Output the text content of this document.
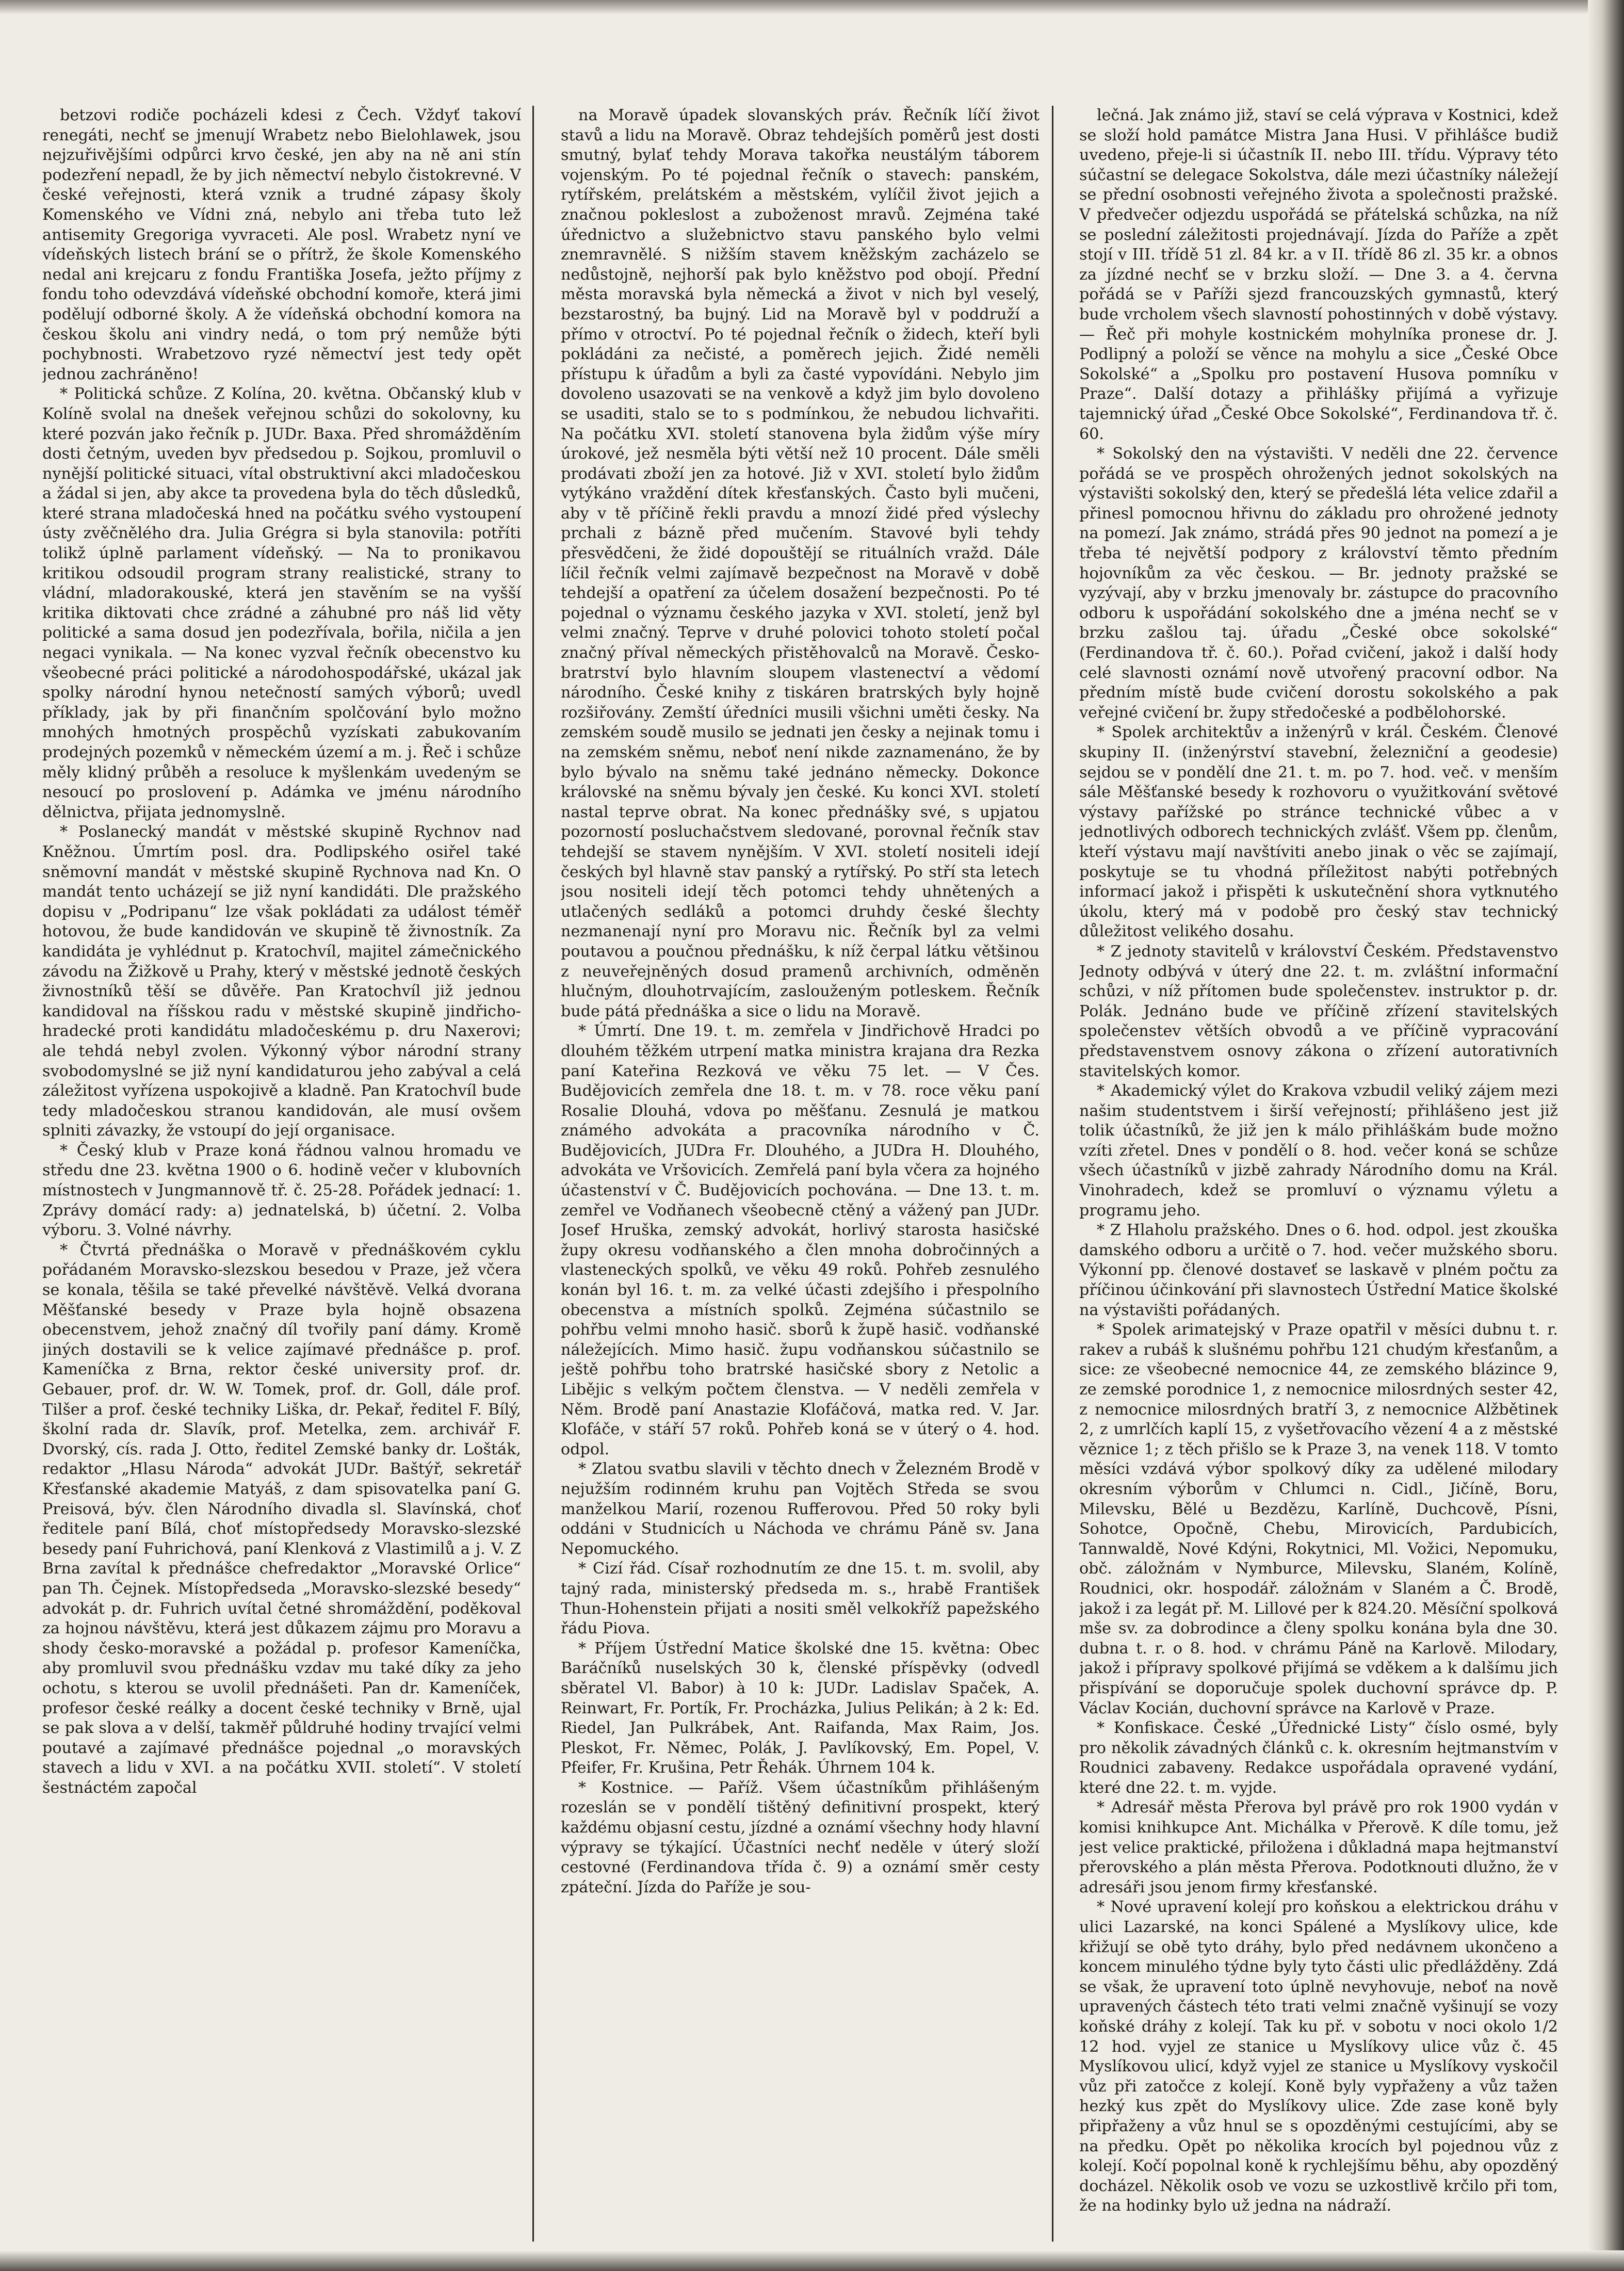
betzovi rodiče pocházeli kdesi z Čech. Vždyť takoví renegáti, nechť se jmenují Wrabetz nebo Bielohlawek, jsou nejzuřivějšími odpůrci krvo české, jen aby na ně ani stín podezření nepadl, že by jich němectví nebylo čistokrevné. V české veřejnosti, která vznik a trudné zápasy školy Komenského ve Vídni zná, nebylo ani třeba tuto lež antisemity Gregoriga vyvraceti. Ale posl. Wrabetz nyní ve vídeňských listech brání se o přítrž, že škole Komenského nedal ani krejcaru z fondu Františka Josefa, ježto příjmy z fondu toho odevzdává vídeňské obchodní komoře, která jimi podělují odborné školy. A že vídeňská obchodní komora na českou školu ani vindry nedá, o tom prý nemůže býti pochybnosti. Wrabetzovo ryzé němectví jest tedy opět jednou zachráněno!

* Politická schůze. Z Kolína, 20. května. Občanský klub v Kolíně svolal na dnešek veřejnou schůzi do sokolovny, ku které pozván jako řečník p. JUDr. Baxa. Před shromážděním dosti četným, uveden byv předsedou p. Sojkou, promluvil o nynější politické situaci, vítal obstruktivní akci mladočeskou a žádal si jen, aby akce ta provedena byla do těch důsledků, které strana mladočeská hned na počátku svého vystoupení ústy zvěčnělého dra. Julia Grégra si byla stanovila: potříti tolikž úplně parlament vídeňský. — Na to pronikavou kritikou odsoudil program strany realistické, strany to vládní, mladorakouské, která jen stavěním se na vyšší kritika diktovati chce zrádné a záhubné pro náš lid věty politické a sama dosud jen podezřívala, bořila, ničila a jen negaci vynikala. — Na konec vyzval řečník obecenstvo ku všeobecné práci politické a národohospodářské, ukázal jak spolky národní hynou netečností samých výborů; uvedl příklady, jak by při finančním spolčování bylo možno mnohých hmotných prospěchů vyzískati zabukovaním prodejných pozemků v německém území a m. j. Řeč i schůze měly klidný průběh a resoluce k myšlenkám uvedeným se nesoucí po proslovení p. Adámka ve jménu národního dělnictva, přijata jednomyslně.

* Poslanecký mandát v městské skupině Rychnov nad Kněžnou. Úmrtím posl. dra. Podlipského osiřel také sněmovní mandát v městské skupině Rychnova nad Kn. O mandát tento ucházejí se již nyní kandidáti. Dle pražského dopisu v „Podripanu“ lze však pokládati za událost téměř hotovou, že bude kandidován ve skupině tě živnostník. Za kandidáta je vyhlédnut p. Kratochvíl, majitel zámečnického závodu na Žižkově u Prahy, který v městské jednotě českých živnostníků těší se důvěře. Pan Kratochvíl již jednou kandidoval na říšskou radu v městské skupině jindřicho-hradecké proti kandidátu mladočeskému p. dru Naxerovi; ale tehdá nebyl zvolen. Výkonný výbor národní strany svobodomyslné se již nyní kandidaturou jeho zabýval a celá záležitost vyřízena uspokojivě a kladně. Pan Kratochvíl bude tedy mladočeskou stranou kandidován, ale musí ovšem splniti závazky, že vstoupí do její organisace.

* Český klub v Praze koná řádnou valnou hromadu ve středu dne 23. května 1900 o 6. hodině večer v klubovních místnostech v Jungmannově tř. č. 25-28. Pořádek jednací: 1. Zprávy domácí rady: a) jednatelská, b) účetní. 2. Volba výboru. 3. Volné návrhy.

* Čtvrtá přednáška o Moravě v přednáškovém cyklu pořádaném Moravsko-slezskou besedou v Praze, jež včera se konala, těšila se také převelké návštěvě. Velká dvorana Měšťanské besedy v Praze byla hojně obsazena obecenstvem, jehož značný díl tvořily paní dámy. Kromě jiných dostavili se k velice zajímavé přednášce p. prof. Kameníčka z Brna, rektor české university prof. dr. Gebauer, prof. dr. W. W. Tomek, prof. dr. Goll, dále prof. Tilšer a prof. české techniky Liška, dr. Pekař, ředitel F. Bílý, školní rada dr. Slavík, prof. Metelka, zem. archivář F. Dvorský, cís. rada J. Otto, ředitel Zemské banky dr. Lošták, redaktor „Hlasu Národa“ advokát JUDr. Baštýř, sekretář Křesťanské akademie Matyáš, z dam spisovatelka paní G. Preisová, býv. člen Národního divadla sl. Slavínská, choť ředitele paní Bílá, choť místopředsedy Moravsko-slezské besedy paní Fuhrichová, paní Klenková z Vlastimilů a j. V. Z Brna zavítal k přednášce chefredaktor „Moravské Orlice“ pan Th. Čejnek. Místopředseda „Moravsko-slezské besedy“ advokát p. dr. Fuhrich uvítal četné shromáždění, poděkoval za hojnou návštěvu, která jest důkazem zájmu pro Moravu a shody česko-moravské a požádal p. profesor Kameníčka, aby promluvil svou přednášku vzdav mu také díky za jeho ochotu, s kterou se uvolil přednášeti. Pan dr. Kameníček, profesor české reálky a docent české techniky v Brně, ujal se pak slova a v delší, takměř půldruhé hodiny trvající velmi poutavé a zajímavé přednášce pojednal „o moravských stavech a lidu v XVI. a na počátku XVII. století“. V století šestnáctém započal

na Moravě úpadek slovanských práv. Řečník líčí život stavů a lidu na Moravě. Obraz tehdejších poměrů jest dosti smutný, bylať tehdy Morava takořka neustálým táborem vojenským. Po té pojednal řečník o stavech: panském, rytířském, prelátském a městském, vylíčil život jejich a značnou pokleslost a zuboženost mravů. Zejména také úřednictvo a služebnictvo stavu panského bylo velmi znemravnělé. S nižším stavem kněžským zacházelo se nedůstojně, nejhorší pak bylo kněžstvo pod obojí. Přední města moravská byla německá a život v nich byl veselý, bezstarostný, ba bujný. Lid na Moravě byl v poddruží a přímo v otroctví. Po té pojednal řečník o židech, kteří byli pokládáni za nečisté, a poměrech jejich. Židé neměli přístupu k úřadům a byli za časté vypovídáni. Nebylo jim dovoleno usazovati se na venkově a když jim bylo dovoleno se usaditi, stalo se to s podmínkou, že nebudou lichvařiti. Na počátku XVI. století stanovena byla židům výše míry úrokové, jež nesměla býti větší než 10 procent. Dále směli prodávati zboží jen za hotové. Již v XVI. století bylo židům vytýkáno vraždění dítek křesťanských. Často byli mučeni, aby v tě příčině řekli pravdu a mnozí židé před výslechy prchali z bázně před mučením. Stavové byli tehdy přesvědčeni, že židé dopouštějí se rituálních vražd. Dále líčil řečník velmi zajímavě bezpečnost na Moravě v době tehdejší a opatření za účelem dosažení bezpečnosti. Po té pojednal o významu českého jazyka v XVI. století, jenž byl velmi značný. Teprve v druhé polovici tohoto století počal značný příval německých přistěhovalců na Moravě. Česko-bratrství bylo hlavním sloupem vlastenectví a vědomí národního. České knihy z tiskáren bratrských byly hojně rozšiřovány. Zemští úředníci musili všichni uměti česky. Na zemském soudě musilo se jednati jen česky a nejinak tomu i na zemském sněmu, neboť není nikde zaznamenáno, že by bylo bývalo na sněmu také jednáno německy. Dokonce královské na sněmu bývaly jen české. Ku konci XVI. století nastal teprve obrat. Na konec přednášky své, s upjatou pozorností posluchačstvem sledované, porovnal řečník stav tehdejší se stavem nynějším. V XVI. století nositeli idejí českých byl hlavně stav panský a rytířský. Po stří sta letech jsou nositeli idejí těch potomci tehdy uhnětených a utlačených sedláků a potomci druhdy české šlechty nezmanenají nyní pro Moravu nic. Řečník byl za velmi poutavou a poučnou přednášku, k níž čerpal látku většinou z neuveřejněných dosud pramenů archivních, odměněn hlučným, dlouhotrvajícím, zaslouženým potleskem. Řečník bude pátá přednáška a sice o lidu na Moravě.

* Úmrtí. Dne 19. t. m. zemřela v Jindřichově Hradci po dlouhém těžkém utrpení matka ministra krajana dra Rezka paní Kateřina Rezková ve věku 75 let. — V Čes. Budějovicích zemřela dne 18. t. m. v 78. roce věku paní Rosalie Dlouhá, vdova po měšťanu. Zesnulá je matkou známého advokáta a pracovníka národního v Č. Budějovicích, JUDra Fr. Dlouhého, a JUDra H. Dlouhého, advokáta ve Vršovicích. Zemřelá paní byla včera za hojného účastenství v Č. Budějovicích pochována. — Dne 13. t. m. zemřel ve Vodňanech všeobecně ctěný a vážený pan JUDr. Josef Hruška, zemský advokát, horlivý starosta hasičské župy okresu vodňanského a člen mnoha dobročinných a vlasteneckých spolků, ve věku 49 roků. Pohřeb zesnulého konán byl 16. t. m. za velké účasti zdejšího i přespolního obecenstva a místních spolků. Zejména súčastnilo se pohřbu velmi mnoho hasič. sborů k župě hasič. vodňanské náležejících. Mimo hasič. župu vodňanskou súčastnilo se ještě pohřbu toho bratrské hasičské sbory z Netolic a Libějic s velkým počtem členstva. — V neděli zemřela v Něm. Brodě paní Anastazie Klofáčová, matka red. V. Jar. Klofáče, v stáří 57 roků. Pohřeb koná se v úterý o 4. hod. odpol.

* Zlatou svatbu slavili v těchto dnech v Železném Brodě v nejužším rodinném kruhu pan Vojtěch Středa se svou manželkou Marií, rozenou Rufferovou. Před 50 roky byli oddáni v Studnicích u Náchoda ve chrámu Páně sv. Jana Nepomuckého.

* Cizí řád. Císař rozhodnutím ze dne 15. t. m. svolil, aby tajný rada, ministerský předseda m. s., hrabě František Thun-Hohenstein přijati a nositi směl velkokříž papežského řádu Piova.

* Příjem Ústřední Matice školské dne 15. května: Obec Baráčníků nuselských 30 k, členské příspěvky (odvedl sběratel Vl. Babor) à 10 k: JUDr. Ladislav Spaček, A. Reinwart, Fr. Portík, Fr. Procházka, Julius Pelikán; à 2 k: Ed. Riedel, Jan Pulkrábek, Ant. Raifanda, Max Raim, Jos. Pleskot, Fr. Němec, Polák, J. Pavlíkovský, Em. Popel, V. Pfeifer, Fr. Krušina, Petr Řehák. Úhrnem 104 k.

* Kostnice. — Paříž. Všem účastníkům přihlášeným rozeslán se v pondělí tištěný definitivní prospekt, který každému objasní cestu, jízdné a oznámí všechny hody hlavní výpravy se týkající. Účastníci nechť neděle v úterý složí cestovné (Ferdinandova třída č. 9) a oznámí směr cesty zpáteční. Jízda do Paříže je sou-

lečná. Jak známo již, staví se celá výprava v Kostnici, kdež se složí hold památce Mistra Jana Husi. V přihlášce budiž uvedeno, přeje-li si účastník II. nebo III. třídu. Výpravy této súčastní se delegace Sokolstva, dále mezi účastníky náležejí se přední osobnosti veřejného života a společnosti pražské. V předvečer odjezdu uspořádá se přátelská schůzka, na níž se poslední záležitosti projednávají. Jízda do Paříže a zpět stojí v III. třídě 51 zl. 84 kr. a v II. třídě 86 zl. 35 kr. a obnos za jízdné nechť se v brzku složí. — Dne 3. a 4. června pořádá se v Paříži sjezd francouzských gymnastů, který bude vrcholem všech slavností pohostinných v době výstavy. — Řeč při mohyle kostnickém mohylníka pronese dr. J. Podlipný a položí se věnce na mohylu a sice „České Obce Sokolské“ a „Spolku pro postavení Husova pomníku v Praze“. Další dotazy a přihlášky přijímá a vyřizuje tajemnický úřad „České Obce Sokolské“, Ferdinandova tř. č. 60.

* Sokolský den na výstavišti. V neděli dne 22. července pořádá se ve prospěch ohrožených jednot sokolských na výstavišti sokolský den, který se předešlá léta velice zdařil a přinesl pomocnou hřivnu do základu pro ohrožené jednoty na pomezí. Jak známo, strádá přes 90 jednot na pomezí a je třeba té největší podpory z království těmto předním hojovníkům za věc českou. — Br. jednoty pražské se vyzývají, aby v brzku jmenovaly br. zástupce do pracovního odboru k uspořádání sokolského dne a jména nechť se v brzku zašlou taj. úřadu „České obce sokolské“ (Ferdinandova tř. č. 60.). Pořad cvičení, jakož i další hody celé slavnosti oznámí nově utvořený pracovní odbor. Na předním místě bude cvičení dorostu sokolského a pak veřejné cvičení br. župy středočeské a podbělohorské.

* Spolek architektův a inženýrů v král. Českém. Členové skupiny II. (inženýrství stavební, železniční a geodesie) sejdou se v pondělí dne 21. t. m. po 7. hod. več. v menším sále Měšťanské besedy k rozhovoru o využitkování světové výstavy pařížské po stránce technické vůbec a v jednotlivých odborech technických zvlášť. Všem pp. členům, kteří výstavu mají navštíviti anebo jinak o věc se zajímají, poskytuje se tu vhodná příležitost nabýti potřebných informací jakož i přispěti k uskutečnění shora vytknutého úkolu, který má v podobě pro český stav technický důležitost velikého dosahu.

* Z jednoty stavitelů v království Českém. Představenstvo Jednoty odbývá v úterý dne 22. t. m. zvláštní informační schůzi, v níž přítomen bude společenstev. instruktor p. dr. Polák. Jednáno bude ve příčině zřízení stavitelských společenstev větších obvodů a ve příčině vypracování představenstvem osnovy zákona o zřízení autorativních stavitelských komor.

* Akademický výlet do Krakova vzbudil veliký zájem mezi našim studentstvem i širší veřejností; přihlášeno jest již tolik účastníků, že již jen k málo přihláškám bude možno vzíti zřetel. Dnes v pondělí o 8. hod. večer koná se schůze všech účastníků v jizbě zahrady Národního domu na Král. Vinohradech, kdež se promluví o významu výletu a programu jeho.

* Z Hlaholu pražského. Dnes o 6. hod. odpol. jest zkouška damského odboru a určitě o 7. hod. večer mužského sboru. Výkonní pp. členové dostaveť se laskavě v plném počtu za příčinou účinkování při slavnostech Ústřední Matice školské na výstavišti pořádaných.

* Spolek arimatejský v Praze opatřil v měsíci dubnu t. r. rakev a rubáš k slušnému pohřbu 121 chudým křesťanům, a sice: ze všeobecné nemocnice 44, ze zemského blázince 9, ze zemské porodnice 1, z nemocnice milosrdných sester 42, z nemocnice milosrdných bratří 3, z nemocnice Alžbětinek 2, z umrlčích kaplí 15, z vyšetřovacího vězení 4 a z městské věznice 1; z těch přišlo se k Praze 3, na venek 118. V tomto měsíci vzdává výbor spolkový díky za udělené milodary okresním výborům v Chlumci n. Cidl., Jičíně, Boru, Milevsku, Bělé u Bezdězu, Karlíně, Duchcově, Písni, Sohotce, Opočně, Chebu, Mirovicích, Pardubicích, Tannwaldě, Nové Kdýni, Rokytnici, Ml. Vožici, Nepomuku, obč. záložnám v Nymburce, Milevsku, Slaném, Kolíně, Roudnici, okr. hospodář. záložnám v Slaném a Č. Brodě, jakož i za legát př. M. Lillové per k 824.20. Měsíční spolková mše sv. za dobrodince a členy spolku konána byla dne 30. dubna t. r. o 8. hod. v chrámu Páně na Karlově. Milodary, jakož i přípravy spolkové přijímá se vděkem a k dalšímu jich přispívání se doporučuje spolek duchovní správce dp. P. Václav Kocián, duchovní správce na Karlově v Praze.

* Konfiskace. České „Úřednické Listy“ číslo osmé, byly pro několik závadných článků c. k. okresním hejtmanstvím v Roudnici zabaveny. Redakce uspořádala opravené vydání, které dne 22. t. m. vyjde.

* Adresář města Přerova byl právě pro rok 1900 vydán v komisi knihkupce Ant. Michálka v Přerově. K díle tomu, jež jest velice praktické, přiložena i důkladná mapa hejtmanství přerovského a plán města Přerova. Podotknouti dlužno, že v adresáři jsou jenom firmy křesťanské.

* Nové upravení kolejí pro koňskou a elektrickou dráhu v ulici Lazarské, na konci Spálené a Myslíkovy ulice, kde křižují se obě tyto dráhy, bylo před nedávnem ukončeno a koncem minulého týdne byly tyto části ulic předlážděny. Zdá se však, že upravení toto úplně nevyhovuje, neboť na nově upravených částech této trati velmi značně vyšinují se vozy koňské dráhy z kolejí. Tak ku př. v sobotu v noci okolo 1/2 12 hod. vyjel ze stanice u Myslíkovy ulice vůz č. 45 Myslíkovou ulicí, když vyjel ze stanice u Myslíkovy vyskočil vůz při zatočce z kolejí. Koně byly vypřaženy a vůz tažen hezký kus zpět do Myslíkovy ulice. Zde zase koně byly připřaženy a vůz hnul se s opozděnými cestujícími, aby se na předku. Opět po několika krocích byl pojednou vůz z kolejí. Kočí popolnal koně k rychlejšímu běhu, aby opozděný docházel. Několik osob ve vozu se uzkostlivě krčilo při tom, že na hodinky bylo už jedna na nádraží.
